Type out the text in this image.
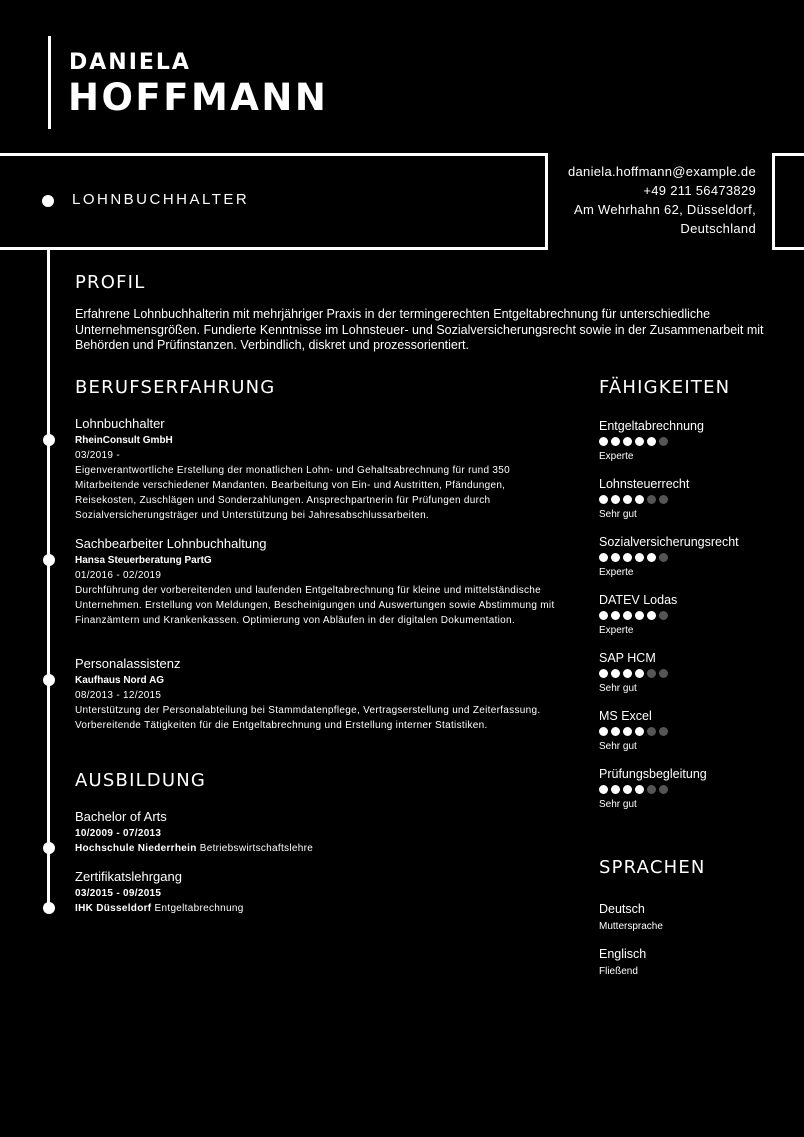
DANIELA
HOFFMANN
LOHNBUCHHALTER
daniela.hoffmann@example.de
+49 211 56473829
Am Wehrhahn 62, Düsseldorf,
Deutschland
PROFIL
Erfahrene Lohnbuchhalterin mit mehrjähriger Praxis in der termingerechten Entgeltabrechnung für unterschiedliche Unternehmensgrößen. Fundierte Kenntnisse im Lohnsteuer- und Sozialversicherungsrecht sowie in der Zusammenarbeit mit Behörden und Prüfinstanzen. Verbindlich, diskret und prozessorientiert.
BERUFSERFAHRUNG
Lohnbuchhalter
RheinConsult GmbH
03/2019 -
Eigenverantwortliche Erstellung der monatlichen Lohn- und Gehaltsabrechnung für rund 350 Mitarbeitende verschiedener Mandanten. Bearbeitung von Ein- und Austritten, Pfändungen, Reisekosten, Zuschlägen und Sonderzahlungen. Ansprechpartnerin für Prüfungen durch Sozialversicherungsträger und Unterstützung bei Jahresabschlussarbeiten.
Sachbearbeiter Lohnbuchhaltung
Hansa Steuerberatung PartG
01/2016 - 02/2019
Durchführung der vorbereitenden und laufenden Entgeltabrechnung für kleine und mittelständische Unternehmen. Erstellung von Meldungen, Bescheinigungen und Auswertungen sowie Abstimmung mit Finanzämtern und Krankenkassen. Optimierung von Abläufen in der digitalen Dokumentation.
Personalassistenz
Kaufhaus Nord AG
08/2013 - 12/2015
Unterstützung der Personalabteilung bei Stammdatenpflege, Vertragserstellung und Zeiterfassung. Vorbereitende Tätigkeiten für die Entgeltabrechnung und Erstellung interner Statistiken.
AUSBILDUNG
Bachelor of Arts
10/2009 - 07/2013
Hochschule Niederrhein Betriebswirtschaftslehre
Zertifikatslehrgang
03/2015 - 09/2015
IHK Düsseldorf Entgeltabrechnung
FÄHIGKEITEN
Entgeltabrechnung
Experte
Lohnsteuerrecht
Sehr gut
Sozialversicherungsrecht
Experte
DATEV Lodas
Experte
SAP HCM
Sehr gut
MS Excel
Sehr gut
Prüfungsbegleitung
Sehr gut
SPRACHEN
Deutsch
Muttersprache
Englisch
Fließend
